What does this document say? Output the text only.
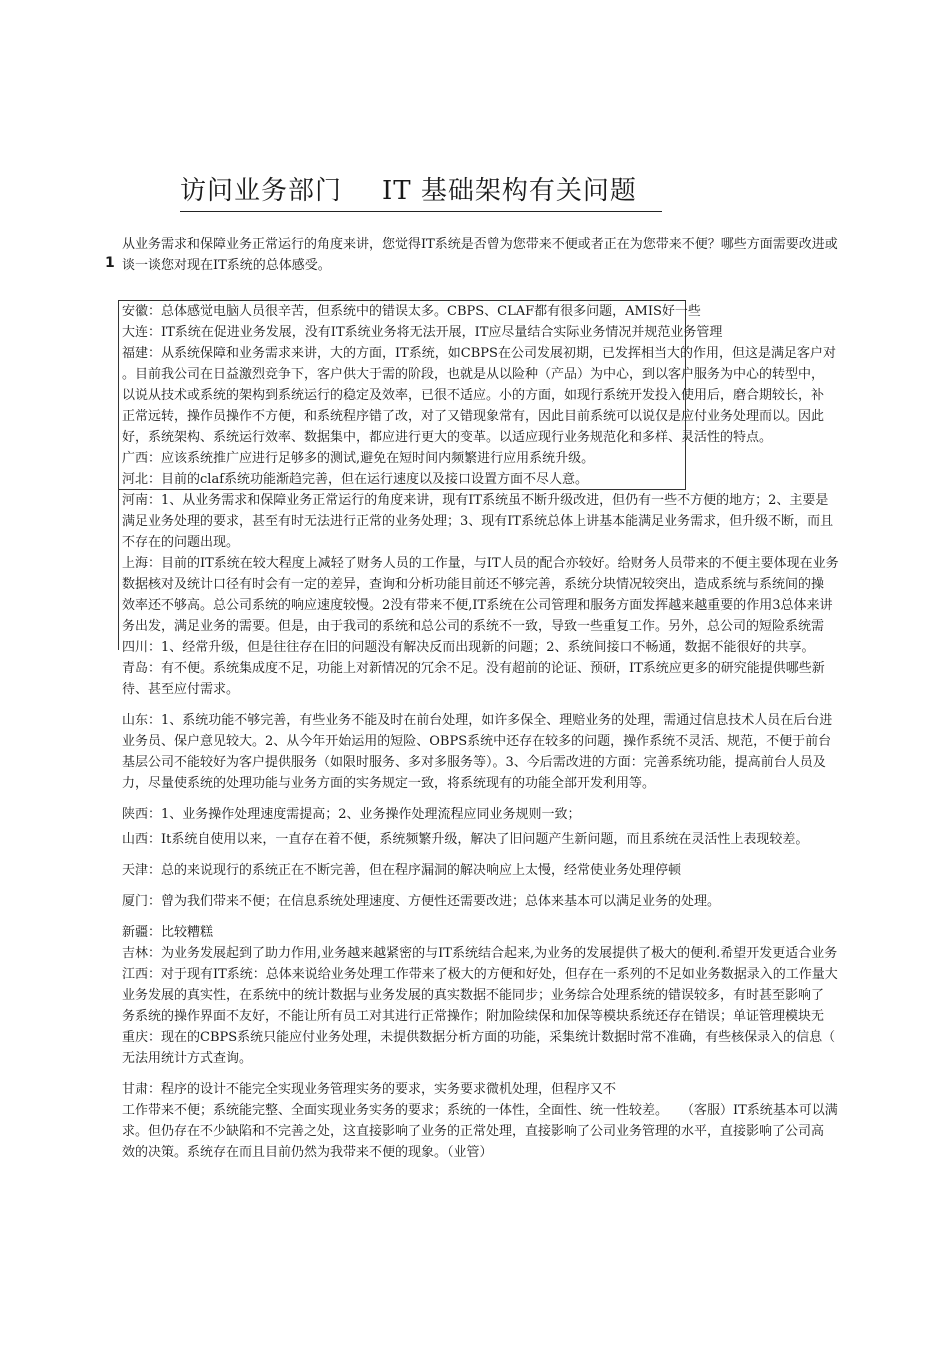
访问业务部门 IT 基础架构有关问题
1
从业务需求和保障业务正常运行的角度来讲，您觉得IT系统是否曾为您带来不便或者正在为您带来不便？哪些方面需要改进或
谈一谈您对现在IT系统的总体感受。
安徽：总体感觉电脑人员很辛苦，但系统中的错误太多。CBPS、CLAF都有很多问题，AMIS好一些
大连：IT系统在促进业务发展，没有IT系统业务将无法开展，IT应尽量结合实际业务情况并规范业务管理
福建：从系统保障和业务需求来讲，大的方面，IT系统，如CBPS在公司发展初期，已发挥相当大的作用，但这是满足客户对
。目前我公司在日益激烈竞争下，客户供大于需的阶段，也就是从以险种（产品）为中心，到以客户服务为中心的转型中，
以说从技术或系统的架构到系统运行的稳定及效率，已很不适应。小的方面，如现行系统开发投入使用后，磨合期较长，补
正常远转，操作员操作不方便，和系统程序错了改，对了又错现象常有，因此目前系统可以说仅是应付业务处理而以。因此
好，系统架构、系统运行效率、数据集中，都应进行更大的变革。以适应现行业务规范化和多样、灵活性的特点。
广西：应该系统推广应进行足够多的测试,避免在短时间内频繁进行应用系统升级。
河北：目前的claf系统功能渐趋完善，但在运行速度以及接口设置方面不尽人意。
河南：1、从业务需求和保障业务正常运行的角度来讲，现有IT系统虽不断升级改进，但仍有一些不方便的地方；2、主要是
满足业务处理的要求，甚至有时无法进行正常的业务处理；3、现有IT系统总体上讲基本能满足业务需求，但升级不断，而且
不存在的问题出现。
上海：目前的IT系统在较大程度上减轻了财务人员的工作量，与IT人员的配合亦较好。给财务人员带来的不便主要体现在业务
数据核对及统计口径有时会有一定的差异，查询和分析功能目前还不够完善，系统分块情况较突出，造成系统与系统间的操
效率还不够高。总公司系统的响应速度较慢。2没有带来不便,IT系统在公司管理和服务方面发挥越来越重要的作用3总体来讲
务出发，满足业务的需要。但是，由于我司的系统和总公司的系统不一致，导致一些重复工作。另外，总公司的短险系统需
四川：1、经常升级，但是往往存在旧的问题没有解决反而出现新的问题；2、系统间接口不畅通，数据不能很好的共享。
青岛：有不便。系统集成度不足，功能上对新情况的冗余不足。没有超前的论证、预研，IT系统应更多的研究能提供哪些新
待、甚至应付需求。
山东：1、系统功能不够完善，有些业务不能及时在前台处理，如许多保全、理赔业务的处理，需通过信息技术人员在后台进
业务员、保户意见较大。2、从今年开始运用的短险、OBPS系统中还存在较多的问题，操作系统不灵活、规范，不便于前台
基层公司不能较好为客户提供服务（如限时服务、多对多服务等）。3、今后需改进的方面：完善系统功能，提高前台人员及
力，尽量使系统的处理功能与业务方面的实务规定一致，将系统现有的功能全部开发利用等。
陕西：1、业务操作处理速度需提高；2、业务操作处理流程应同业务规则一致；
山西：It系统自使用以来，一直存在着不便，系统频繁升级，解决了旧问题产生新问题，而且系统在灵活性上表现较差。
天津：总的来说现行的系统正在不断完善，但在程序漏洞的解决响应上太慢，经常使业务处理停顿
厦门：曾为我们带来不便；在信息系统处理速度、方便性还需要改进；总体来基本可以满足业务的处理。
新疆：比较糟糕
吉林：为业务发展起到了助力作用,业务越来越紧密的与IT系统结合起来,为业务的发展提供了极大的便利.希望开发更适合业务
江西：对于现有IT系统：总体来说给业务处理工作带来了极大的方便和好处，但存在一系列的不足如业务数据录入的工作量大
业务发展的真实性，在系统中的统计数据与业务发展的真实数据不能同步；业务综合处理系统的错误较多，有时甚至影响了
务系统的操作界面不友好，不能让所有员工对其进行正常操作；附加险续保和加保等模块系统还存在错误；单证管理模块无
重庆：现在的CBPS系统只能应付业务处理，未提供数据分析方面的功能，采集统计数据时常不准确，有些核保录入的信息（
无法用统计方式查询。
甘肃：程序的设计不能完全实现业务管理实务的要求，实务要求微机处理，但程序又不
工作带来不便；系统能完整、全面实现业务实务的要求；系统的一体性，全面性、统一性较差。　　（客服）IT系统基本可以满
求。但仍存在不少缺陷和不完善之处，这直接影响了业务的正常处理，直接影响了公司业务管理的水平，直接影响了公司高
效的决策。系统存在而且目前仍然为我带来不便的现象。（业管）
